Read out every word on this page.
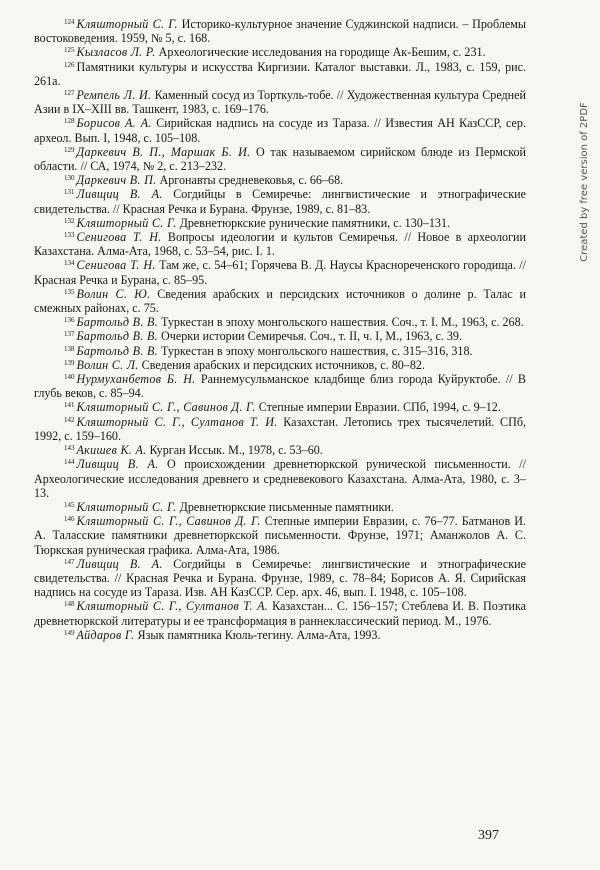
$^{124}$ Кляшторный С. Г. Историко-культурное значение Суджинской надписи. – Проблемы востоковедения. 1959, № 5, с. 168.

$^{125}$ Кызласов Л. Р. Археологические исследования на городище Ак-Бешим, с. 231.

$^{126}$ Памятники культуры и искусства Киргизии. Каталог выставки. Л., 1983, с. 159, рис. 261а.

$^{127}$ Ремпель Л. И. Каменный сосуд из Торткуль-тобе. // Художественная культура Средней Азии в IX–XIII вв. Ташкент, 1983, с. 169–176.

$^{128}$ Борисов А. А. Сирийская надпись на сосуде из Тараза. // Известия АН КазССР, сер. археол. Вып. I, 1948, с. 105–108.

$^{129}$ Даркевич В. П., Маршак Б. И. О так называемом сирийском блюде из Пермской области. // СА, 1974, № 2, с. 213–232.

$^{130}$ Даркевич В. П. Аргонавты средневековья, с. 66–68.

$^{131}$ Ливщиц В. А. Согдийцы в Семиречье: лингвистические и этнографические свидетельства. // Красная Речка и Бурана. Фрунзе, 1989, с. 81–83.

$^{132}$ Кляшторный С. Г. Древнетюркские рунические памятники, с. 130–131.

$^{133}$ Сенигова Т. Н. Вопросы идеологии и культов Семиречья. // Новое в археологии Казахстана. Алма-Ата, 1968, с. 53–54, рис. I. 1.

$^{134}$ Сенигова Т. Н. Там же, с. 54–61; Горячева В. Д. Наусы Краснореченского городища. // Красная Речка и Бурана, с. 85–95.

$^{135}$ Волин С. Ю. Сведения арабских и персидских источников о долине р. Талас и смежных районах, с. 75.

$^{136}$ Бартольд В. В. Туркестан в эпоху монгольского нашествия. Соч., т. I. М., 1963, с. 268.

$^{137}$ Бартольд В. В. Очерки истории Семиречья. Соч., т. II, ч. I, М., 1963, с. 39.

$^{138}$ Бартольд В. В. Туркестан в эпоху монгольского нашествия, с. 315–316, 318.

$^{139}$ Волин С. Л. Сведения арабских и персидских источников, с. 80–82.

$^{140}$ Нурмуханбетов Б. Н. Раннемусульманское кладбище близ города Куйруктобе. // В глубь веков, с. 85–94.

$^{141}$ Кляшторный С. Г., Савинов Д. Г. Степные империи Евразии. СПб, 1994, с. 9–12.

$^{142}$ Кляшторный С. Г., Султанов Т. И. Казахстан. Летопись трех тысячелетий. СПб, 1992, с. 159–160.

$^{143}$ Акишев К. А. Курган Иссык. М., 1978, с. 53–60.

$^{144}$ Ливщиц В. А. О происхождении древнетюркской рунической письменности. // Археологические исследования древнего и средневекового Казахстана. Алма-Ата, 1980, с. 3–13.

$^{145}$ Кляшторный С. Г. Древнетюркские письменные памятники.

$^{146}$ Кляшторный С. Г., Савинов Д. Г. Степные империи Евразии, с. 76–77. Батманов И. А. Таласские памятники древнетюркской письменности. Фрунзе, 1971; Аманжолов А. С. Тюркская руническая графика. Алма-Ата, 1986.

$^{147}$ Ливщиц В. А. Согдийцы в Семиречье: лингвистические и этнографические свидетельства. // Красная Речка и Бурана. Фрунзе, 1989, с. 78–84; Борисов А. Я. Сирийская надпись на сосуде из Тараза. Изв. АН КазССР. Сер. арх. 46, вып. I. 1948, с. 105–108.

$^{148}$ Кляшторный С. Г., Султанов Т. А. Казахстан... С. 156–157; Стеблева И. В. Поэтика древнетюркской литературы и ее трансформация в раннеклассический период. М., 1976.

$^{149}$ Айдаров Г. Язык памятника Кюль-тегину. Алма-Ата, 1993.

397
Created by free version of 2PDF
